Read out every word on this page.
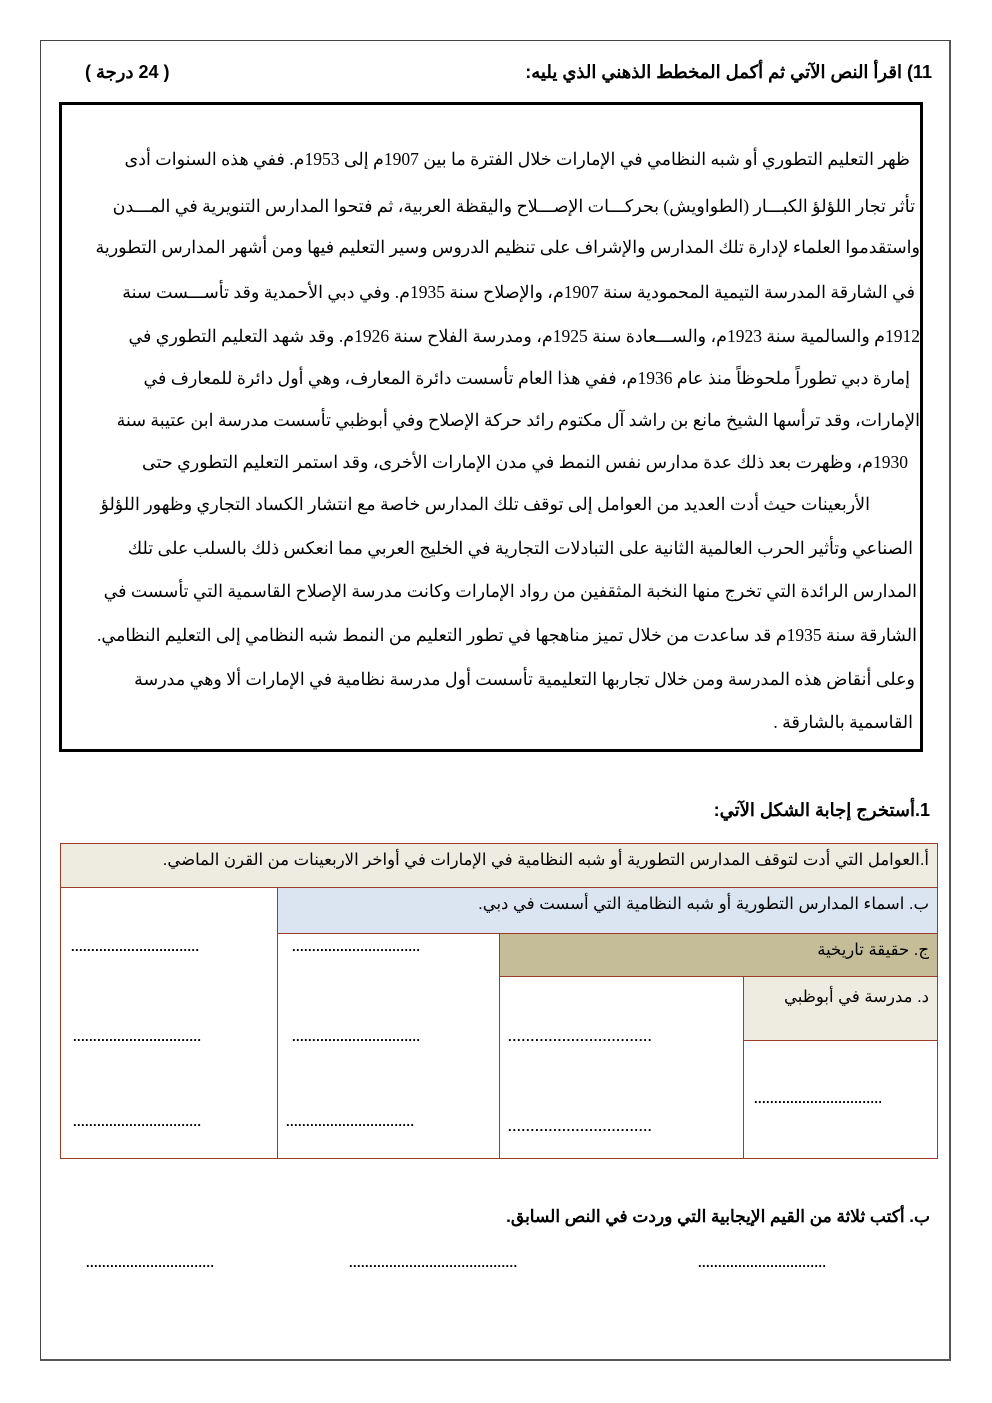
11) اقرأ النص الآتي ثم أكمل المخطط الذهني الذي يليه:
( 24 درجة )
ظهر التعليم التطوري أو شبه النظامي في الإمارات خلال الفترة ما بين 1907م إلى 1953م. ففي هذه السنوات أدى
تأثر تجار اللؤلؤ الكبـــار (الطواويش) بحركـــات الإصـــلاح واليقظة العربية، ثم فتحوا المدارس التنويرية في المـــدن
واستقدموا العلماء لإدارة تلك المدارس والإشراف على تنظيم الدروس وسير التعليم فيها ومن أشهر المدارس التطورية
في الشارقة المدرسة التيمية المحمودية سنة 1907م، والإصلاح سنة 1935م. وفي دبي الأحمدية وقد تأســـست سنة
1912م والسالمية سنة 1923م، والســـعادة سنة 1925م، ومدرسة الفلاح سنة 1926م. وقد شهد التعليم التطوري في
إمارة دبي تطوراً ملحوظاً منذ عام 1936م، ففي هذا العام تأسست دائرة المعارف، وهي أول دائرة للمعارف في
الإمارات، وقد ترأسها الشيخ مانع بن راشد آل مكتوم رائد حركة الإصلاح وفي أبوظبي تأسست مدرسة ابن عتيبة سنة
1930م، وظهرت بعد ذلك عدة مدارس نفس النمط في مدن الإمارات الأخرى، وقد استمر التعليم التطوري حتى
الأربعينات حيث أدت العديد من العوامل إلى توقف تلك المدارس خاصة مع انتشار الكساد التجاري وظهور اللؤلؤ
الصناعي وتأثير الحرب العالمية الثانية على التبادلات التجارية في الخليج العربي مما انعكس ذلك بالسلب على تلك
المدارس الرائدة التي تخرج منها النخبة المثقفين من رواد الإمارات وكانت مدرسة الإصلاح القاسمية التي تأسست في
الشارقة سنة 1935م قد ساعدت من خلال تميز مناهجها في تطور التعليم من النمط شبه النظامي إلى التعليم النظامي.
وعلى أنقاض هذه المدرسة ومن خلال تجاربها التعليمية تأسست أول مدرسة نظامية في الإمارات ألا وهي مدرسة
القاسمية بالشارقة .
1.أستخرج إجابة الشكل الآتي:
أ.العوامل التي أدت لتوقف المدارس التطورية أو شبه النظامية في الإمارات في أواخر الاربعينات من القرن الماضي.
................................
................................
................................
ب. اسماء المدارس التطورية أو شبه النظامية التي أسست في دبي.
................................
................................
................................
ج. حقيقة تاريخية
................................
................................
د. مدرسة في أبوظبي
................................
ب. أكتب ثلاثة من القيم الإيجابية التي وردت في النص السابق.
................................	..........................................	................................
